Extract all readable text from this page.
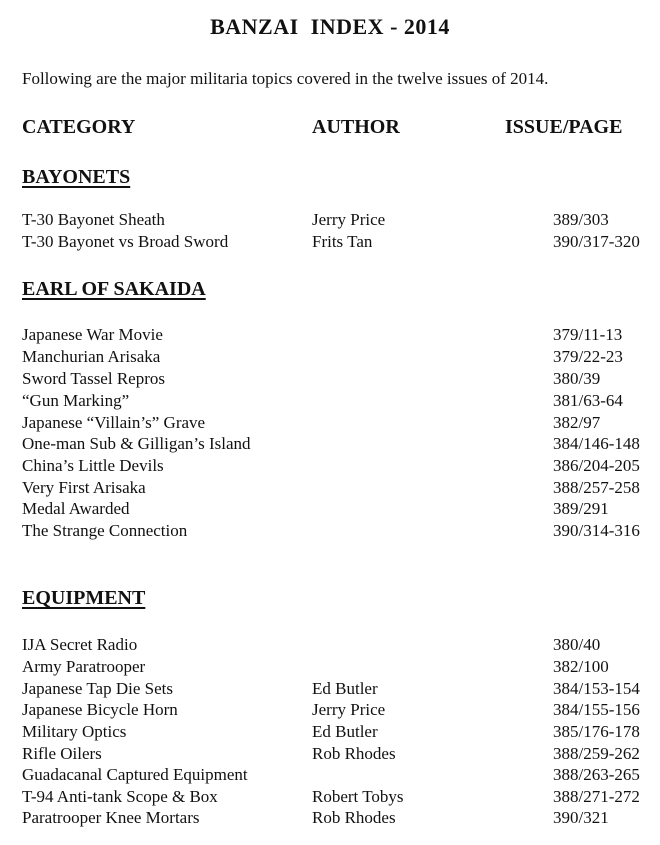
BANZAI  INDEX - 2014
Following are the major militaria topics covered in the twelve issues of 2014.
CATEGORY	AUTHOR	ISSUE/PAGE
BAYONETS
T-30 Bayonet Sheath	Jerry Price	389/303
T-30 Bayonet vs Broad Sword	Frits Tan	390/317-320
EARL OF SAKAIDA
Japanese War Movie	379/11-13
Manchurian Arisaka	379/22-23
Sword Tassel Repros	380/39
“Gun Marking”	381/63-64
Japanese “Villain’s” Grave	382/97
One-man Sub & Gilligan’s Island	384/146-148
China’s Little Devils	386/204-205
Very First Arisaka	388/257-258
Medal Awarded	389/291
The Strange Connection	390/314-316
EQUIPMENT
IJA Secret Radio	380/40
Army Paratrooper	382/100
Japanese Tap Die Sets	Ed Butler	384/153-154
Japanese Bicycle Horn	Jerry Price	384/155-156
Military Optics	Ed Butler	385/176-178
Rifle Oilers	Rob Rhodes	388/259-262
Guadacanal Captured Equipment	388/263-265
T-94 Anti-tank Scope & Box	Robert Tobys	388/271-272
Paratrooper Knee Mortars	Rob Rhodes	390/321
